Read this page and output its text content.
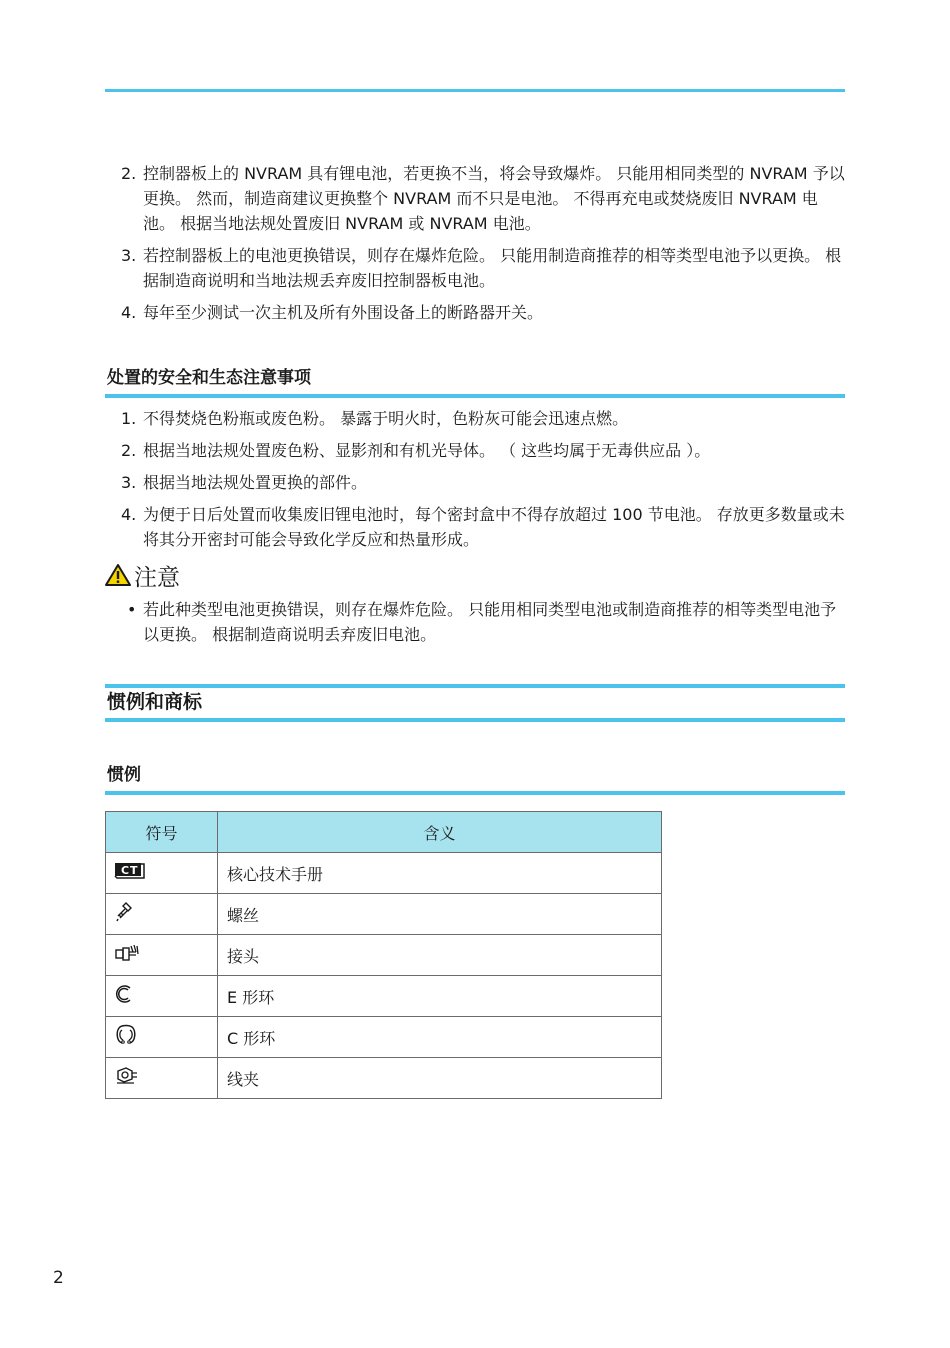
2. 控制器板上的 NVRAM 具有锂电池，若更换不当，将会导致爆炸。 只能用相同类型的 NVRAM 予以更换。 然而，制造商建议更换整个 NVRAM 而不只是电池。 不得再充电或焚烧废旧 NVRAM 电池。 根据当地法规处置废旧 NVRAM 或 NVRAM 电池。
3. 若控制器板上的电池更换错误，则存在爆炸危险。 只能用制造商推荐的相等类型电池予以更换。 根据制造商说明和当地法规丢弃废旧控制器板电池。
4. 每年至少测试一次主机及所有外围设备上的断路器开关。
处置的安全和生态注意事项
1. 不得焚烧色粉瓶或废色粉。 暴露于明火时，色粉灰可能会迅速点燃。
2. 根据当地法规处置废色粉、显影剂和有机光导体。 （ 这些均属于无毒供应品 ）。
3. 根据当地法规处置更换的部件。
4. 为便于日后处置而收集废旧锂电池时，每个密封盒中不得存放超过 100 节电池。 存放更多数量或未将其分开密封可能会导致化学反应和热量形成。
注意
• 若此种类型电池更换错误，则存在爆炸危险。 只能用相同类型电池或制造商推荐的相等类型电池予以更换。 根据制造商说明丢弃废旧电池。
惯例和商标
惯例
符号	含义

C T	核心技术手册
	螺丝
	接头
	E 形环
	C 形环
	线夹
2
